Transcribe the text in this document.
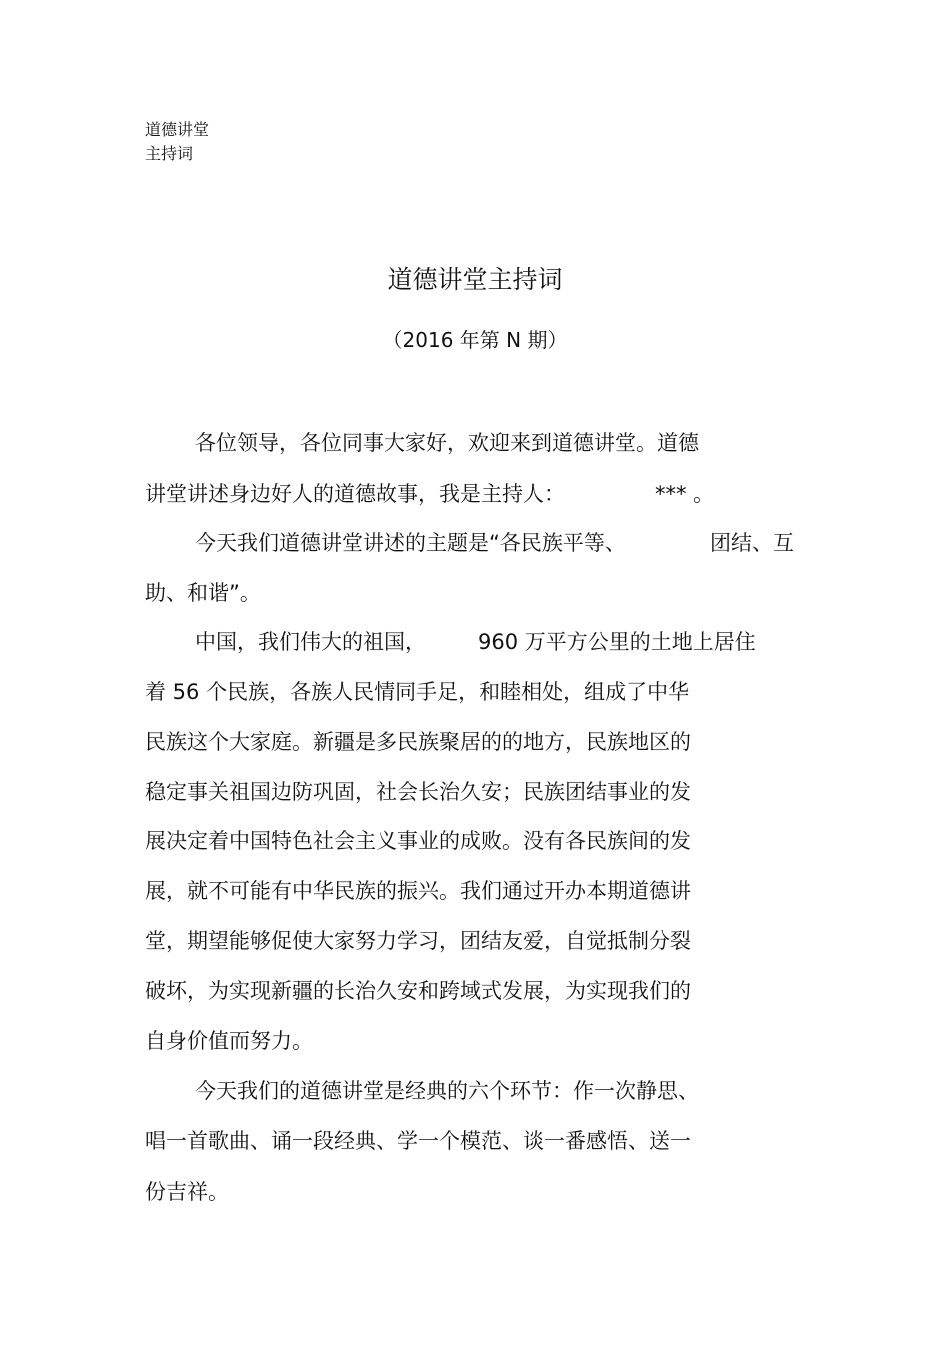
道德讲堂
主持词
道德讲堂主持词
（2016 年第 N 期）
各位领导，各位同事大家好，欢迎来到道德讲堂。道德
讲堂讲述身边好人的道德故事，我是主持人：	*** 。
今天我们道德讲堂讲述的主题是“各民族平等、	团结、互
助、和谐”。
中国，我们伟大的祖国， 960 万平方公里的土地上居住
着 56 个民族，各族人民情同手足，和睦相处，组成了中华
民族这个大家庭。新疆是多民族聚居的的地方，民族地区的
稳定事关祖国边防巩固，社会长治久安；民族团结事业的发
展决定着中国特色社会主义事业的成败。没有各民族间的发
展，就不可能有中华民族的振兴。我们通过开办本期道德讲
堂，期望能够促使大家努力学习，团结友爱，自觉抵制分裂
破坏，为实现新疆的长治久安和跨域式发展，为实现我们的
自身价值而努力。
今天我们的道德讲堂是经典的六个环节：作一次静思、
唱一首歌曲、诵一段经典、学一个模范、谈一番感悟、送一
份吉祥。
